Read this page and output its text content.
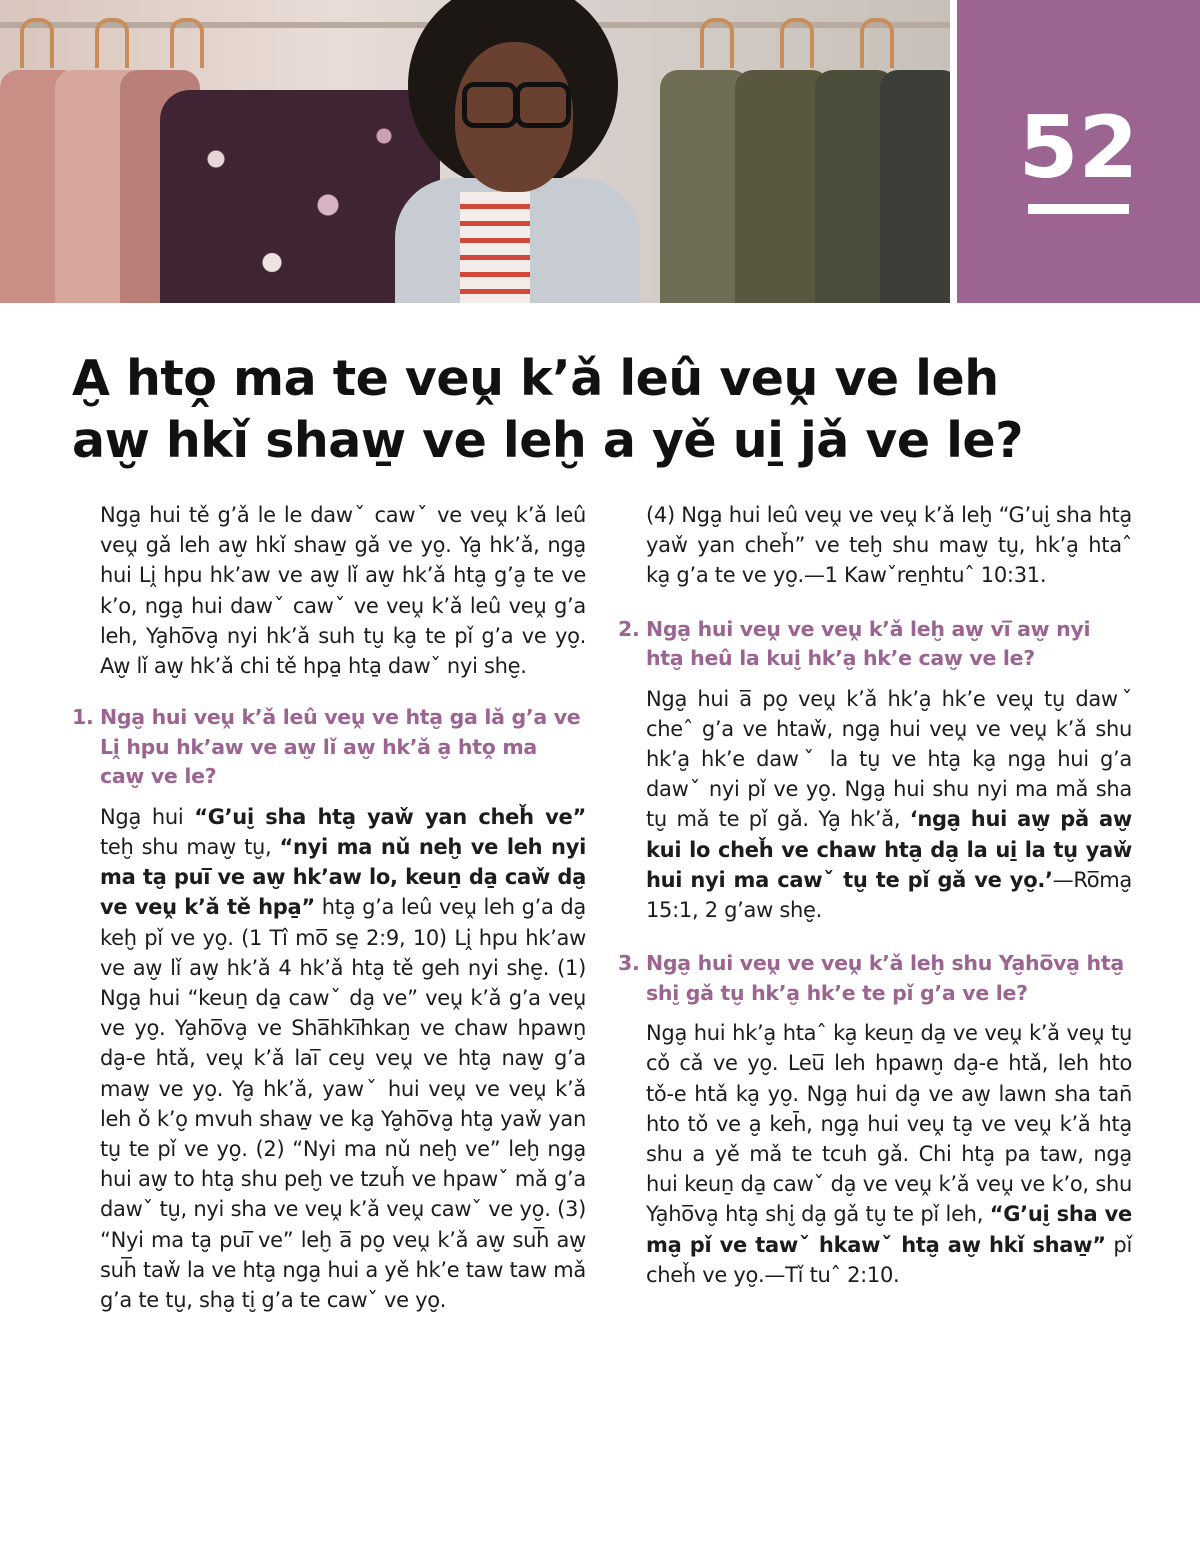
52
A̮ hto̭ ma te veṷ k’ǎ leû veṷ ve leh
aw̮ hkǐ shaw̱ ve leḫ a yě ui̱ jǎ ve le?

Nga̮ hui tě g’ǎ le le dawˇ cawˇ ve veṷ k’ǎ leû veṷ gǎ leh aw̮ hkǐ shaw̱ gǎ ve yo̮. Ya̮ hk’ǎ, nga̮ hui Li̭ hpu hk’aw ve aw̮ lǐ aw̮ hk’ǎ hta̮ g’a̮ te ve k’o, nga̮ hui dawˇ cawˇ ve veṷ k’ǎ leû veṷ g’a leh, Ya̮ho̅va̮ nyi hk’ǎ suh tu̮ ka̮ te pǐ g’a ve yo̮. Aw̮ lǐ aw̮ hk’ǎ chi tě hpa̱ hta̱ dawˇ nyi she̮.

1. Nga̮ hui veṷ k’ǎ leû veṷ ve hta̮ ga lǎ g’a ve Li̭ hpu hk’aw ve aw̮ lǐ aw̮ hk’ǎ a̮ hto̭ ma caw̮ ve le?

Nga̮ hui “G’ui̮ sha hta̮ yaw̌ yan cheȟ ve” teḫ shu maw̮ tu̮, “nyi ma nǔ neḫ ve leh nyi ma ta̮ pui̅ ve aw̮ hk’aw lo, keuṉ da̱ caw̌ da̮ ve veṷ k’ǎ tě hpa̱” hta̮ g’a leû veṷ leh g’a da̮ keḫ pǐ ve yo̮. (1 Tî mo̅ se̱ 2:9, 10) Li̭ hpu hk’aw ve aw̮ lǐ aw̮ hk’ǎ 4 hk’ǎ hta̮ tě geh nyi she̮. (1) Nga̮ hui “keuṉ da̱ cawˇ da̮ ve” veṷ k’ǎ g’a veṷ ve yo̮. Ya̮ho̅va̮ ve Sha̅hki̅hkan̮ ve chaw hpawn̮ da̮-e htǎ, veṷ k’ǎ lai̅ ceu̮ veṷ ve hta̮ naw̮ g’a maw̮ ve yo̮. Ya̮ hk’ǎ, yawˇ hui veṷ ve veṷ k’ǎ leh ǒ k’o̮ mvuh shaw̱ ve ka̮ Ya̮ho̅va̮ hta̮ yaw̌ yan tu̮ te pǐ ve yo̮. (2) “Nyi ma nǔ neḫ ve” leḫ nga̮ hui aw̮ to hta̮ shu peḫ ve tzuȟ ve hpawˇ mǎ g’a dawˇ tu̮, nyi sha ve veṷ k’ǎ veṷ cawˇ ve yo̮. (3) “Nyi ma ta̮ pui̅ ve” leḫ a̅ po̮ veṷ k’ǎ aw̮ suh̅ aw̮ suh̅ taw̌ la ve hta̮ nga̮ hui a yě hk’e taw taw mǎ g’a te tu̮, sha̮ ti̮ g’a te cawˇ ve yo̮.

(4) Nga̮ hui leû veṷ ve veṷ k’ǎ leḫ “G’ui̮ sha hta̮ yaw̌ yan cheȟ” ve teḫ shu maw̮ tu̮, hk’a̮ htaˆ ka̮ g’a te ve yo̮.—1 Kawˇreṉhtuˆ 10:31.

2. Nga̮ hui veṷ ve veṷ k’ǎ leḫ aw̮ vi̅ aw̮ nyi hta̮ heû la kui̮ hk’a̮ hk’e caw̮ ve le?

Nga̮ hui a̅ po̮ veṷ k’ǎ hk’a̮ hk’e veṷ tu̮ dawˇ cheˆ g’a ve htaw̌, nga̮ hui veṷ ve veṷ k’ǎ shu hk’a̮ hk’e dawˇ la tu̮ ve hta̮ ka̮ nga̮ hui g’a dawˇ nyi pǐ ve yo̮. Nga̮ hui shu nyi ma mǎ sha tu̮ mǎ te pǐ gǎ. Ya̮ hk’ǎ, ‘nga̮ hui aw̮ pǎ aw̮ kui lo cheȟ ve chaw hta̮ da̮ la ui̱ la tu̮ yaw̌ hui nyi ma cawˇ tu̮ te pǐ gǎ ve yo̮.’—Ro̅ma̮ 15:1, 2 g’aw she̮.

3. Nga̮ hui veṷ ve veṷ k’ǎ leḫ shu Ya̮ho̅va̮ hta̮ shi̮ gǎ tu̮ hk’a̮ hk’e te pǐ g’a ve le?

Nga̮ hui hk’a̮ htaˆ ka̮ keuṉ da̱ ve veṷ k’ǎ veṷ tu̮ cǒ cǎ ve yo̮. Leu̅ leh hpawn̮ da̮-e htǎ, leh hto tǒ-e htǎ ka̮ yo̮. Nga̮ hui da̮ ve aw̮ lawn sha tan̄ hto tǒ ve a̮ keh̄, nga̮ hui veṷ ta̮ ve veṷ k’ǎ hta̮ shu a yě mǎ te tcuh gǎ. Chi hta̮ pa taw, nga̮ hui keuṉ da̱ cawˇ da̮ ve veṷ k’ǎ veṷ ve k’o, shu Ya̮ho̅va̮ hta̮ shi̮ da̮ gǎ tu̮ te pǐ leh, “G’ui̮ sha ve ma̮ pǐ ve tawˇ hkawˇ hta̮ aw̮ hkǐ shaw̱” pǐ cheȟ ve yo̮.—Tǐ tuˆ 2:10.
